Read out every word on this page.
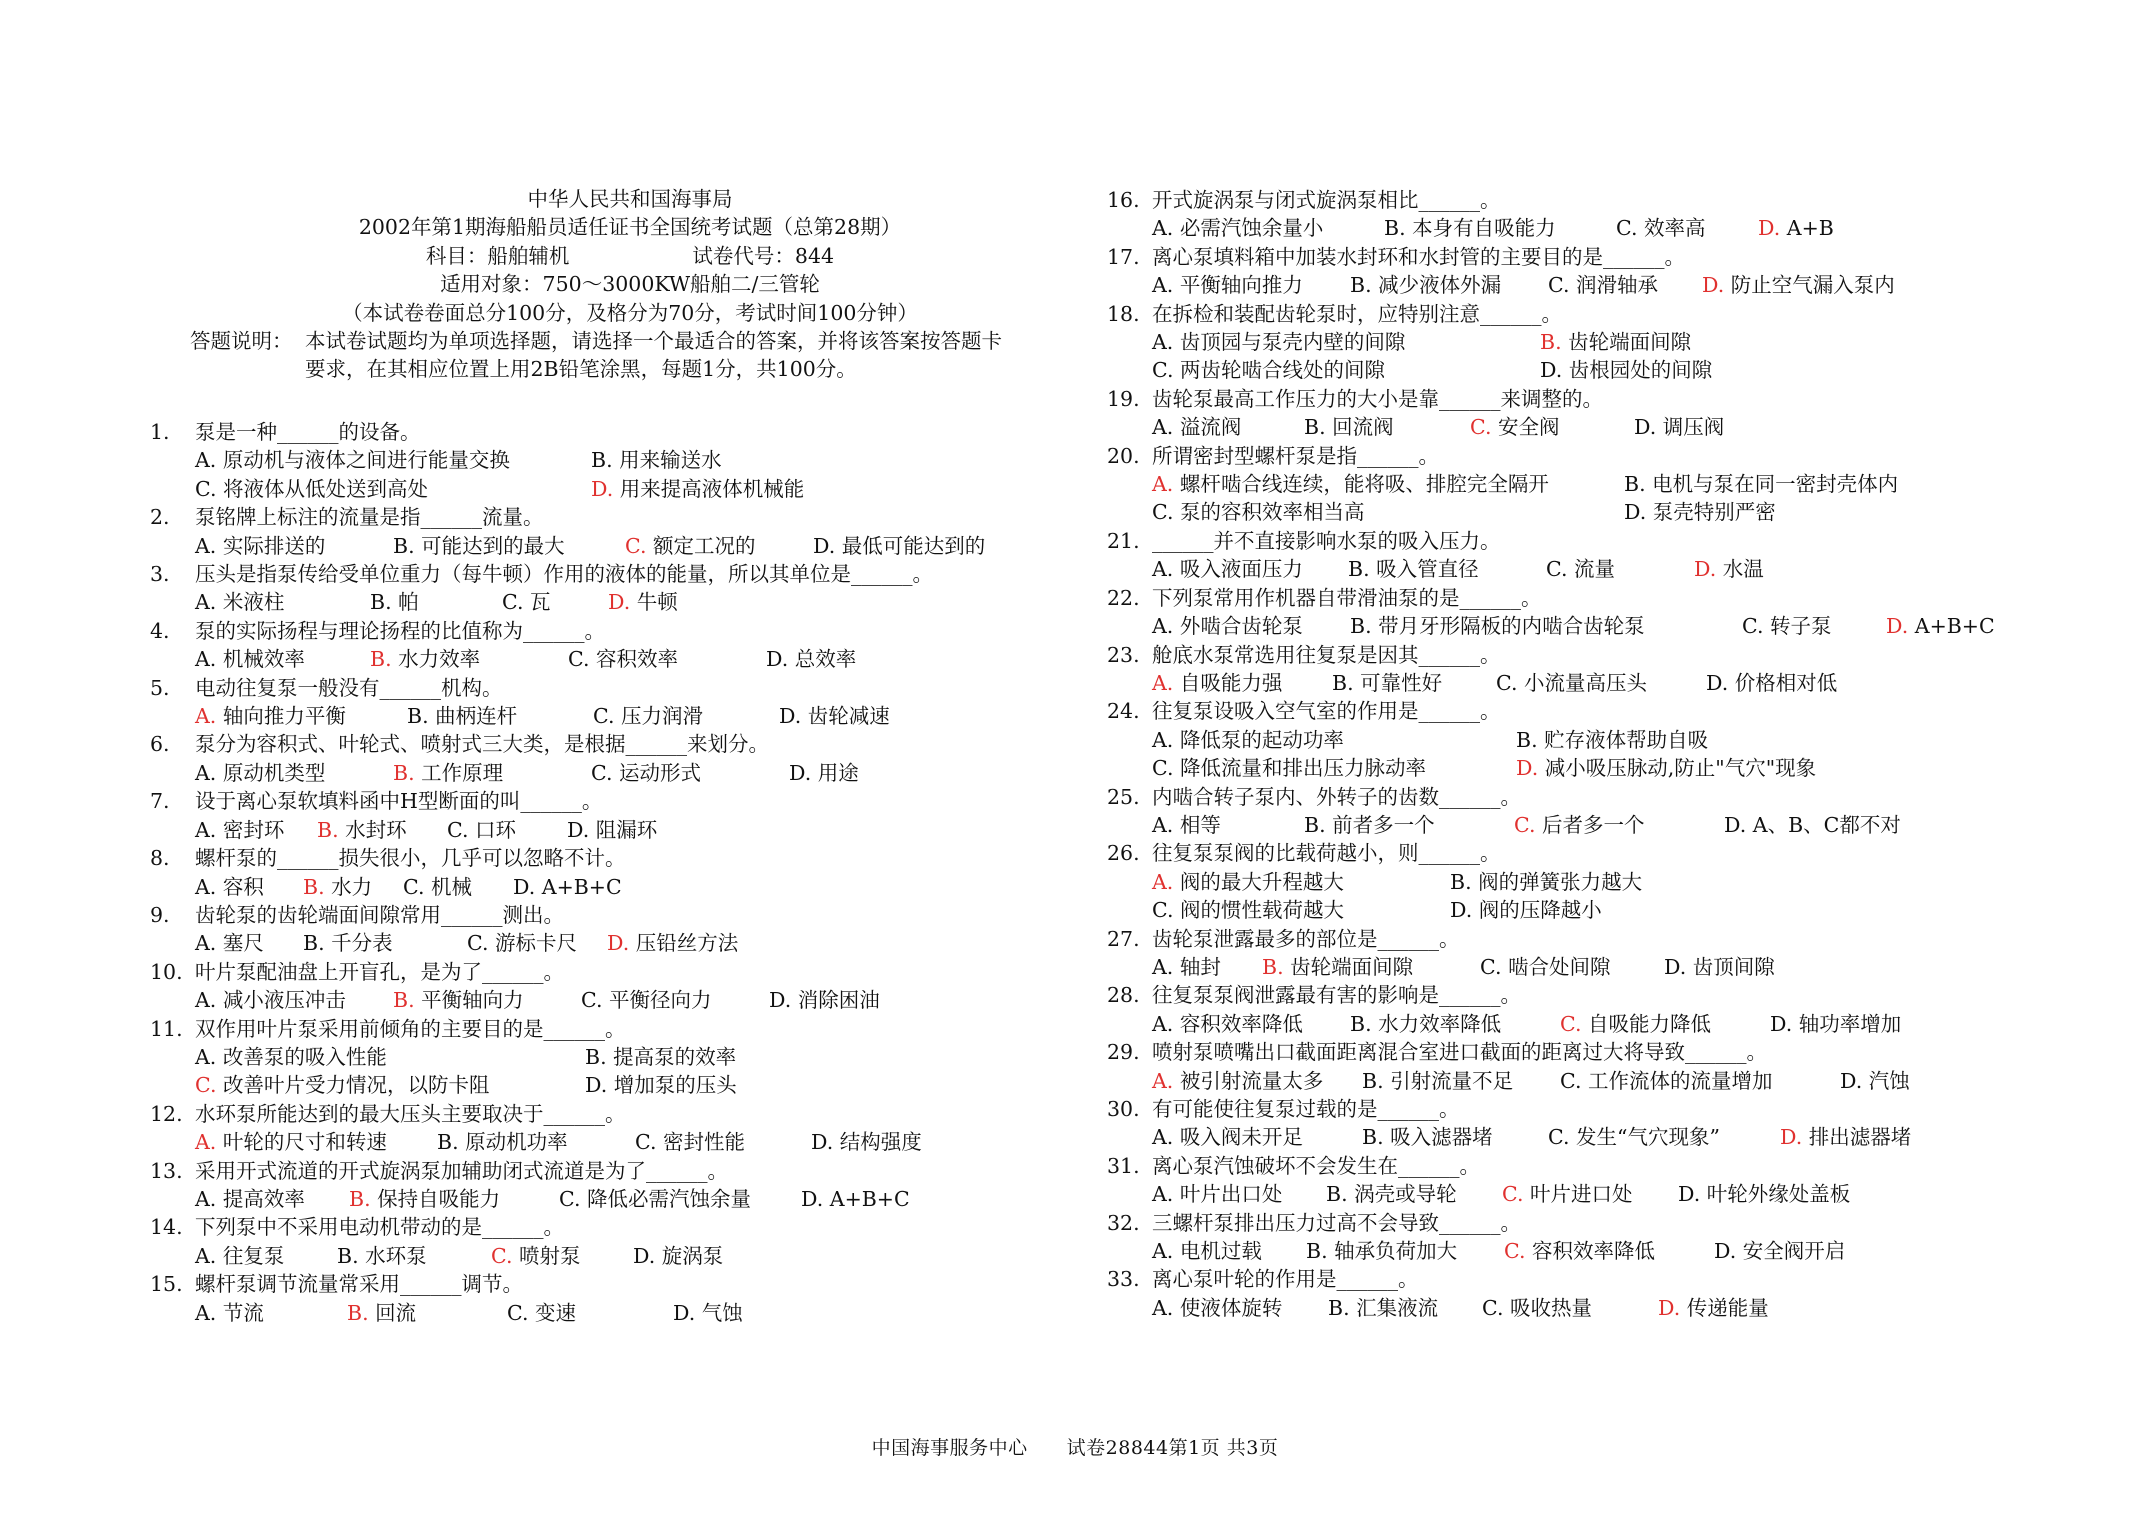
中华人民共和国海事局
2002年第1期海船船员适任证书全国统考试题（总第28期）
科目：船舶辅机　　　　　　试卷代号：844
适用对象：750～3000KW船舶二/三管轮
（本试卷卷面总分100分，及格分为70分，考试时间100分钟）
答题说明： 本试卷试题均为单项选择题，请选择一个最适合的答案，并将该答案按答题卡
要求，在其相应位置上用2B铅笔涂黑，每题1分，共100分。
1. 泵是一种______的设备。
A. 原动机与液体之间进行能量交换	B. 用来输送水
C. 将液体从低处送到高处	D. 用来提高液体机械能
2. 泵铭牌上标注的流量是指______流量。
A. 实际排送的	B. 可能达到的最大	C. 额定工况的	D. 最低可能达到的
3. 压头是指泵传给受单位重力（每牛顿）作用的液体的能量，所以其单位是______。
A. 米液柱	B. 帕	C. 瓦	D. 牛顿
4. 泵的实际扬程与理论扬程的比值称为______。
A. 机械效率	B. 水力效率	C. 容积效率	D. 总效率
5. 电动往复泵一般没有______机构。
A. 轴向推力平衡	B. 曲柄连杆	C. 压力润滑	D. 齿轮减速
6. 泵分为容积式、叶轮式、喷射式三大类，是根据______来划分。
A. 原动机类型	B. 工作原理	C. 运动形式	D. 用途
7. 设于离心泵软填料函中H型断面的叫______。
A. 密封环 B. 水封环 C. 口环 D. 阻漏环
8. 螺杆泵的______损失很小，几乎可以忽略不计。
A. 容积 B. 水力 C. 机械 D. A+B+C
9. 齿轮泵的齿轮端面间隙常用______测出。
A. 塞尺 B. 千分表	C. 游标卡尺 D. 压铅丝方法
10. 叶片泵配油盘上开盲孔，是为了______。
A. 减小液压冲击 B. 平衡轴向力	C. 平衡径向力	D. 消除困油
11. 双作用叶片泵采用前倾角的主要目的是______。
A. 改善泵的吸入性能	B. 提高泵的效率
C. 改善叶片受力情况，以防卡阻	D. 增加泵的压头
12. 水环泵所能达到的最大压头主要取决于______。
A. 叶轮的尺寸和转速 B. 原动机功率	C. 密封性能	D. 结构强度
13. 采用开式流道的开式旋涡泵加辅助闭式流道是为了______。
A. 提高效率 B. 保持自吸能力	C. 降低必需汽蚀余量 D. A+B+C
14. 下列泵中不采用电动机带动的是______。
A. 往复泵	B. 水环泵	C. 喷射泵	D. 旋涡泵
15. 螺杆泵调节流量常采用______调节。
A. 节流	B. 回流	C. 变速	D. 气蚀
16. 开式旋涡泵与闭式旋涡泵相比______。
A. 必需汽蚀余量小	B. 本身有自吸能力	C. 效率高	D. A+B
17. 离心泵填料箱中加装水封环和水封管的主要目的是______。
A. 平衡轴向推力 B. 减少液体外漏 C. 润滑轴承 D. 防止空气漏入泵内
18. 在拆检和装配齿轮泵时，应特别注意______。
A. 齿顶园与泵壳内壁的间隙	B. 齿轮端面间隙
C. 两齿轮啮合线处的间隙	D. 齿根园处的间隙
19. 齿轮泵最高工作压力的大小是靠______来调整的。
A. 溢流阀	B. 回流阀	C. 安全阀	D. 调压阀
20. 所谓密封型螺杆泵是指______。
A. 螺杆啮合线连续，能将吸、排腔完全隔开	B. 电机与泵在同一密封壳体内
C. 泵的容积效率相当高	D. 泵壳特别严密
21. ______并不直接影响水泵的吸入压力。
A. 吸入液面压力 B. 吸入管直径	C. 流量	D. 水温
22. 下列泵常用作机器自带滑油泵的是______。
A. 外啮合齿轮泵 B. 带月牙形隔板的内啮合齿轮泵	C. 转子泵	D. A+B+C
23. 舱底水泵常选用往复泵是因其______。
A. 自吸能力强 B. 可靠性好	C. 小流量高压头	D. 价格相对低
24. 往复泵设吸入空气室的作用是______。
A. 降低泵的起动功率	B. 贮存液体帮助自吸
C. 降低流量和排出压力脉动率	D. 减小吸压脉动,防止"气穴"现象
25. 内啮合转子泵内、外转子的齿数______。
A. 相等	B. 前者多一个	C. 后者多一个	D. A、B、C都不对
26. 往复泵泵阀的比载荷越小，则______。
A. 阀的最大升程越大	B. 阀的弹簧张力越大
C. 阀的惯性载荷越大	D. 阀的压降越小
27. 齿轮泵泄露最多的部位是______。
A. 轴封 B. 齿轮端面间隙	C. 啮合处间隙	D. 齿顶间隙
28. 往复泵泵阀泄露最有害的影响是______。
A. 容积效率降低 B. 水力效率降低	C. 自吸能力降低	D. 轴功率增加
29. 喷射泵喷嘴出口截面距离混合室进口截面的距离过大将导致______。
A. 被引射流量太多 B. 引射流量不足 C. 工作流体的流量增加	D. 汽蚀
30. 有可能使往复泵过载的是______。
A. 吸入阀未开足	B. 吸入滤器堵	C. 发生“气穴现象”	D. 排出滤器堵
31. 离心泵汽蚀破坏不会发生在______。
A. 叶片出口处 B. 涡壳或导轮 C. 叶片进口处 D. 叶轮外缘处盖板
32. 三螺杆泵排出压力过高不会导致______。
A. 电机过载 B. 轴承负荷加大 C. 容积效率降低	D. 安全阀开启
33. 离心泵叶轮的作用是______。
A. 使液体旋转 B. 汇集液流 C. 吸收热量	D. 传递能量
中国海事服务中心　　试卷28844第1页 共3页
